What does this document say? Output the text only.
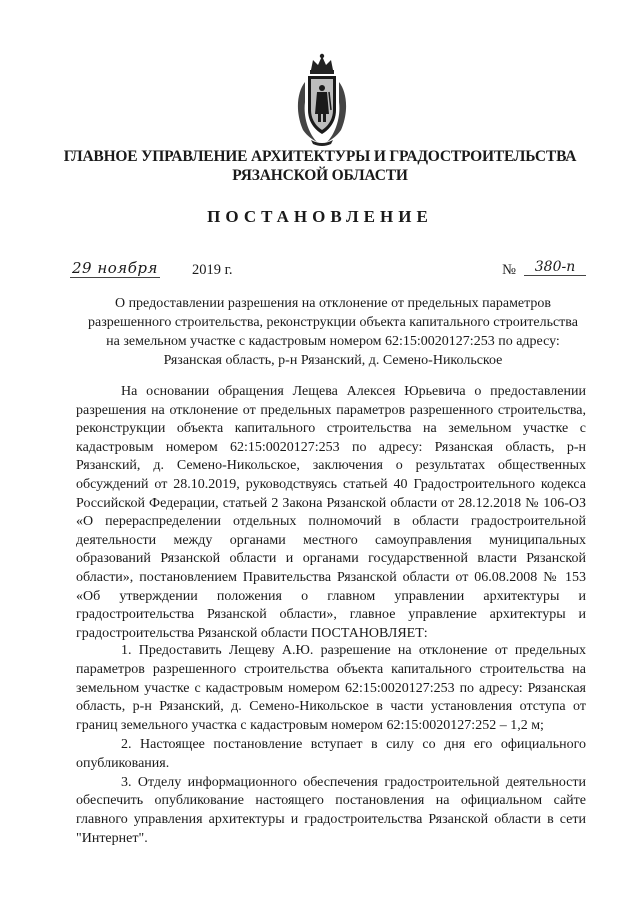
ГЛАВНОЕ УПРАВЛЕНИЕ АРХИТЕКТУРЫ И ГРАДОСТРОИТЕЛЬСТВА
РЯЗАНСКОЙ ОБЛАСТИ
ПОСТАНОВЛЕНИЕ
29 ноября 2019 г.	№	380-п
О предоставлении разрешения на отклонение от предельных параметров
разрешенного строительства, реконструкции объекта капитального строительства
на земельном участке с кадастровым номером 62:15:0020127:253 по адресу:
Рязанская область, р-н Рязанский, д. Семено-Никольское

На основании обращения Лещева Алексея Юрьевича о предоставлении разрешения на отклонение от предельных параметров разрешенного строительства, реконструкции объекта капитального строительства на земельном участке с кадастровым номером 62:15:0020127:253 по адресу: Рязанская область, р-н Рязанский, д. Семено-Никольское, заключения о результатах общественных обсуждений от 28.10.2019, руководствуясь статьей 40 Градостроительного кодекса Российской Федерации, статьей 2 Закона Рязанской области от 28.12.2018 № 106-ОЗ «О перераспределении отдельных полномочий в области градостроительной деятельности между органами местного самоуправления муниципальных образований Рязанской области и органами государственной власти Рязанской области», постановлением Правительства Рязанской области от 06.08.2008 № 153 «Об утверждении положения о главном управлении архитектуры и градостроительства Рязанской области», главное управление архитектуры и градостроительства Рязанской области ПОСТАНОВЛЯЕТ:

1. Предоставить Лещеву А.Ю. разрешение на отклонение от предельных параметров разрешенного строительства объекта капитального строительства на земельном участке с кадастровым номером 62:15:0020127:253 по адресу: Рязанская область, р-н Рязанский, д. Семено-Никольское в части установления отступа от границ земельного участка с кадастровым номером 62:15:0020127:252 – 1,2 м;

2. Настоящее постановление вступает в силу со дня его официального опубликования.

3. Отделу информационного обеспечения градостроительной деятельности обеспечить опубликование настоящего постановления на официальном сайте главного управления архитектуры и градостроительства Рязанской области в сети "Интернет".
